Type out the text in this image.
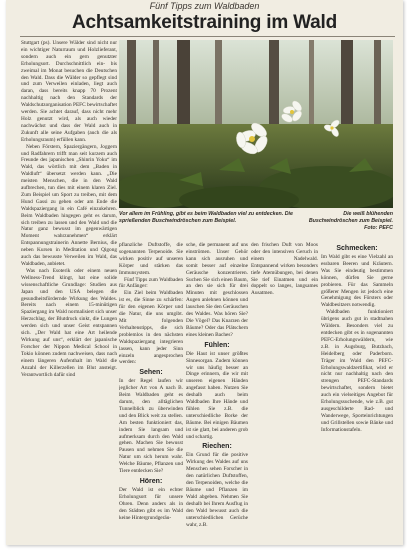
Fünf Tipps zum Waldbaden
Achtsamkeitstraining im Wald

Stuttgart (ps). Unsere Wälder sind nicht nur ein wichtiger Naturraum und Holzlieferant, sondern auch ein gern genutzter Erholungsort. Durchschnittlich ein- bis zweimal im Monat besuchen die Deutschen den Wald. Dass die Wälder so gepflegt sind und zum Verweilen einladen, liegt auch daran, dass bereits knapp 70 Prozent nachhaltig nach den Standards der Waldschutzorganisation PEFC bewirtschaftet werden. Sie achtet darauf, dass nicht mehr Holz genutzt wird, als auch wieder nachwächst und dass der Wald auch in Zukunft alle seine Aufgaben (auch die als Erholungsraum) erfüllen kann.

Neben Förstern, Spaziergängern, Joggern und Radfahrern trifft man seit kurzem auch Freunde des japanischen „Shinrin Yoku“ im Wald, das wörtlich mit dem „Baden in Waldluft“ übersetzt werden kann. „Die meisten Menschen, die in den Wald aufbrechen, tun dies mit einem klaren Ziel. Zum Beispiel um Sport zu treiben, mit dem Hund Gassi zu gehen oder am Ende die Waldspaziergang in ein Café einzukehren. Beim Waldbaden hingegen geht es darum, sich treiben zu lassen und den Wald und die Natur ganz bewusst im gegenwärtigen Moment wahrzunehmen“ erklärt Entspannungstrainerin Annette Bernius, die neben Kursen in Meditation und Qigong auch das bewusste Verweilen im Wald, das Waldbaden, anbietet.

Was nach Esoterik oder einem neuen Wellness-Trend klingt, hat eine solide wissenschaftliche Grundlage: Studien aus Japan und den USA belegen die gesundheitsfördernde Wirkung des Waldes. Bereits nach einem 15-minütigen Spaziergang im Wald normalisiert sich unser Herzschlag, der Blutdruck sinkt, die Lungen werden sich und unser Geist entspannen sich. „Der Wald hat eine Art heilende Wirkung auf uns“, erklärt der japanische Forscher der Nippon Medical School in Tokio können zudem nachweisen, dass nach einem längeren Aufenthalt im Wald die Anzahl der Killerzellen im Blut ansteigt. Verantwortlich dafür sind

Vor allem im Frühling, gibt es beim Waldbaden viel zu entdecken. Die sprießenden Buschwindröschen zum Beispiel.
Die weiß blühenden Buschwindröschen zum Beispiel. Foto: PEFC

pflanzliche Duftstoffe, die sogenannten Terpenoide. Sie wirken positiv auf unseren Körper und stärken das Immunsystem.

Fünf Tipps zum Waldbaden für Anfänger:

Ein Ziel beim Waldbaden ist es, die Sinne zu schärfen: für den eigenen Körper und die Natur, die uns umgibt. Mit folgenden Verhaltenstipps, die sich problemlos in den nächsten Waldspaziergang integrieren lassen, kann jeder Sinn einzeln angesprochen werden:

Sehen:

In der Regel laufen wir jeglicher Art von A nach B. Beim Waldbaden geht es darum, den alltäglichen Tunnelblick zu überwinden und den Blick weit zu stellen. Am besten funktioniert das, indem Sie langsam und aufmerksam durch den Wald gehen. Machen Sie bewusst Pausen und nehmen Sie die Natur um sich herum wahr. Welche Bäume, Pflanzen und Tiere entdecken Sie?

Hören:

Der Wald ist ein echter Erholungsort für unsere Ohren. Denn anders als in den Städten gibt es im Wald keine Hintergrundgeräu-

sche, die permanent auf uns einströmen. Unser Gehör kann sich ausruhen und somit besser auf einzelne Geräusche konzentrieren. Suchen Sie sich einen Baum, an den sie sich für drei Minuten mit geschlossen Augen anlehnen können und lauschen Sie den Geräuschen des Waldes. Was hören Sie? Die Vögel? Das Knarzen der Bäume? Oder das Plätschern eines kleinen Baches?

Fühlen:

Die Haut ist unser größtes Sinnesorgan. Zudem können wir uns häufig besser an Dinge erinnern, die wir mit unseren eigenen Händen angefasst haben. Nutzen Sie deshalb auch beim Waldbaden Ihre Hände und fühlen Sie z.B. die unterschiedliche Borke der Bäume. Bei einigen Bäumen ist sie glatt, bei anderen grob und schartig.

Riechen:

Ein Grund für die positive Wirkung des Waldes auf uns Menschen sehen Forscher in den natürlichen Duftstoffen, den Terpenoiden, welche die Bäume und Pflanzen im Wald abgeben. Nehmen Sie deshalb bei Ihrem Ausflug in den Wald bewusst auch die unterschiedlichen Gerüche wahr, z.B.

den frischen Duft von Moos oder den intensiven Geruch in einem Nadelwald. Entspannend wirken besonders tiefe Atemübungen, bei denen Sie tief Einatmen und ein doppelt so langes, langsames Ausatmen.

Schmecken:

Im Wald gibt es eine Vielzahl an essbaren Beeren und Kräutern. Was Sie eindeutig bestimmen können, dürfen Sie gerne probieren. Für das Sammeln größerer Mengen ist jedoch eine Genehmigung des Försters oder Waldbesitzers notwendig.

Waldbaden funktioniert übrigens auch gut in stadtnahen Wäldern. Besonders viel zu entdecken gibt es in sogenannten PEFC-Erholungswäldern, wie z.B. in Augsburg, Butzbach, Heidelberg oder Paderborn. Träger im Wald den PEFC-Erholungswaldzertifikat, wird er nicht nur nachhaltig nach den strengen PEFC-Standards bewirtschaftet, sondern bietet auch ein vielseitiges Angebot für Erholungssuchende, wie z.B. gut ausgeschilderte Rad- und Wanderwege, Sporteinrichtungen und Grillstellen sowie Bänke und Informationstafeln.
